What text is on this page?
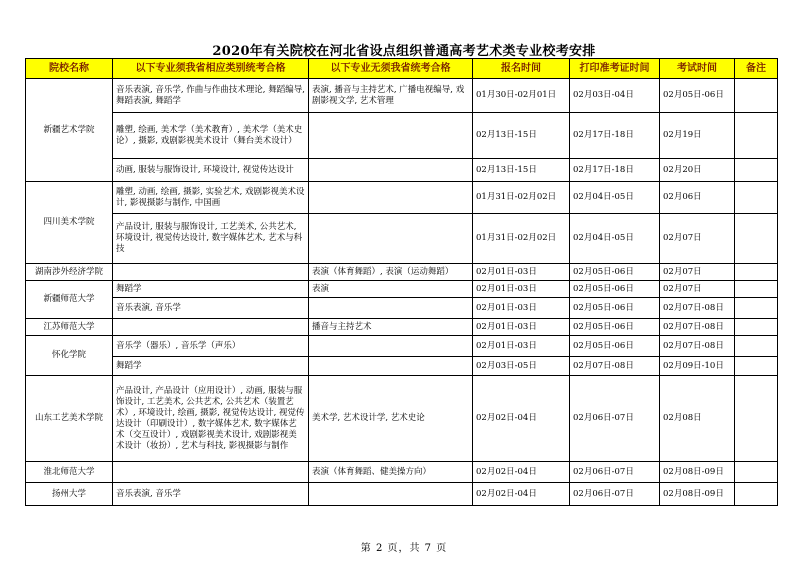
2020年有关院校在河北省设点组织普通高考艺术类专业校考安排
院校名称	以下专业须我省相应类别统考合格	以下专业无须我省统考合格	报名时间	打印准考证时间	考试时间	备注
新疆艺术学院	音乐表演, 音乐学, 作曲与作曲技术理论, 舞蹈编导, 舞蹈表演, 舞蹈学	表演, 播音与主持艺术, 广播电视编导, 戏剧影视文学, 艺术管理	01月30日-02月01日	02月03日-04日	02月05日-06日	
	雕塑, 绘画, 美术学（美术教育）, 美术学（美术史论）, 摄影, 戏剧影视美术设计（舞台美术设计）		02月13日-15日	02月17日-18日	02月19日	
	动画, 服装与服饰设计, 环境设计, 视觉传达设计		02月13日-15日	02月17日-18日	02月20日	
四川美术学院	雕塑, 动画, 绘画, 摄影, 实验艺术, 戏剧影视美术设计, 影视摄影与制作, 中国画		01月31日-02月02日	02月04日-05日	02月06日	
	产品设计, 服装与服饰设计, 工艺美术, 公共艺术, 环境设计, 视觉传达设计, 数字媒体艺术, 艺术与科技		01月31日-02月02日	02月04日-05日	02月07日	
湖南涉外经济学院		表演（体育舞蹈）, 表演（运动舞蹈）	02月01日-03日	02月05日-06日	02月07日	
新疆师范大学	舞蹈学	表演	02月01日-03日	02月05日-06日	02月07日	
	音乐表演, 音乐学		02月01日-03日	02月05日-06日	02月07日-08日	
江苏师范大学		播音与主持艺术	02月01日-03日	02月05日-06日	02月07日-08日	
怀化学院	音乐学（器乐）, 音乐学（声乐）		02月01日-03日	02月05日-06日	02月07日-08日	
	舞蹈学		02月03日-05日	02月07日-08日	02月09日-10日	
山东工艺美术学院	产品设计, 产品设计（应用设计）, 动画, 服装与服饰设计, 工艺美术, 公共艺术, 公共艺术（装置艺术）, 环境设计, 绘画, 摄影, 视觉传达设计, 视觉传达设计（印刷设计）, 数字媒体艺术, 数字媒体艺术（交互设计）, 戏剧影视美术设计, 戏剧影视美术设计（妆扮）, 艺术与科技, 影视摄影与制作	美术学, 艺术设计学, 艺术史论	02月02日-04日	02月06日-07日	02月08日	
淮北师范大学		表演（体育舞蹈、健美操方向）	02月02日-04日	02月06日-07日	02月08日-09日	
扬州大学	音乐表演, 音乐学		02月02日-04日	02月06日-07日	02月08日-09日	
第 2 页，共 7 页
